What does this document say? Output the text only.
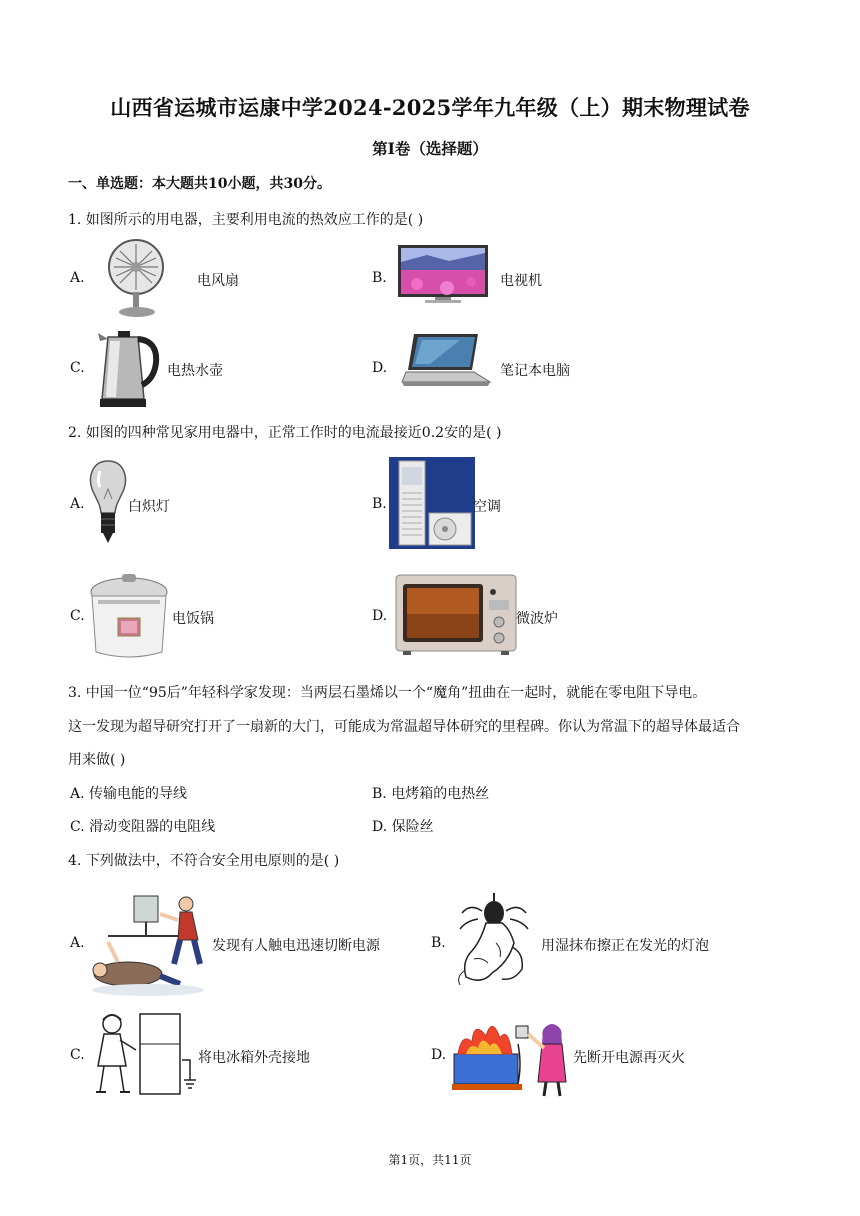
山西省运城市运康中学2024-2025学年九年级（上）期末物理试卷
第I卷（选择题）
一、单选题：本大题共10小题，共30分。
1. 如图所示的用电器，主要利用电流的热效应工作的是( )
A.	电风扇	B.	电视机
C.	电热水壶	D.	笔记本电脑
2. 如图的四种常见家用电器中，正常工作时的电流最接近0.2安的是( )
A.	白炽灯	B.	空调
C.	电饭锅	D.	微波炉
3. 中国一位“95后”年轻科学家发现：当两层石墨烯以一个“魔角”扭曲在一起时，就能在零电阻下导电。
这一发现为超导研究打开了一扇新的大门，可能成为常温超导体研究的里程碑。你认为常温下的超导体最适合
用来做( )
A. 传输电能的导线	B. 电烤箱的电热丝
C. 滑动变阻器的电阻线	D. 保险丝
4. 下列做法中，不符合安全用电原则的是( )
A.	发现有人触电迅速切断电源	B.	用湿抹布擦正在发光的灯泡
C.	将电冰箱外壳接地	D.	先断开电源再灭火
第1页，共11页
